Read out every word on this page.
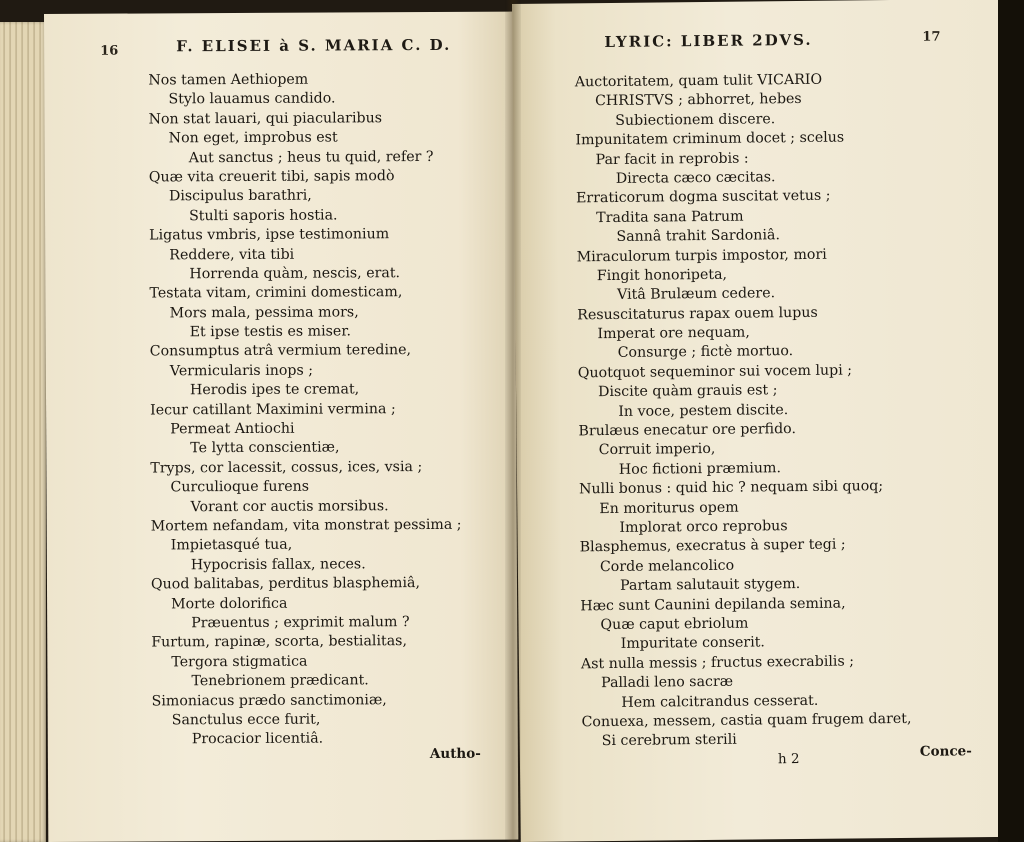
16	F. ELISEI à S. MARIA C. D.
Nos tamen Aethiopem
Stylo lauamus candido.
Non stat lauari, qui piacularibus
Non eget, improbus est
Aut sanctus ; heus tu quid, refer ?
Quæ vita creuerit tibi, sapis modò
Discipulus barathri,
Stulti saporis hostia.
Ligatus vmbris, ipse testimonium
Reddere, vita tibi
Horrenda quàm, nescis, erat.
Testata vitam, crimini domesticam,
Mors mala, pessima mors,
Et ipse testis es miser.
Consumptus atrâ vermium teredine,
Vermicularis inops ;
Herodis ipes te cremat,
Iecur catillant Maximini vermina ;
Permeat Antiochi
Te lytta conscientiæ,
Tryps, cor lacessit, cossus, ices, vsia ;
Curculioque furens
Vorant cor auctis morsibus.
Mortem nefandam, vita monstrat pessima ;
Impietasqué tua,
Hypocrisis fallax, neces.
Quod balitabas, perditus blasphemiâ,
Morte dolorifica
Præuentus ; exprimit malum ?
Furtum, rapinæ, scorta, bestialitas,
Tergora stigmatica
Tenebrionem prædicant.
Simoniacus prædo sanctimoniæ,
Sanctulus ecce furit,
Procacior licentiâ.
Autho-
LYRIC: LIBER 2DVS.	17
Auctoritatem, quam tulit VICARIO
CHRISTVS ; abhorret, hebes
Subiectionem discere.
Impunitatem criminum docet ; scelus
Par facit in reprobis :
Directa cæco cæcitas.
Erraticorum dogma suscitat vetus ;
Tradita sana Patrum
Sannâ trahit Sardoniâ.
Miraculorum turpis impostor, mori
Fingit honoripeta,
Vitâ Brulæum cedere.
Resuscitaturus rapax ouem lupus
Imperat ore nequam,
Consurge ; fictè mortuo.
Quotquot sequeminor sui vocem lupi ;
Discite quàm grauis est ;
In voce, pestem discite.
Brulæus enecatur ore perfido.
Corruit imperio,
Hoc fictioni præmium.
Nulli bonus : quid hic ? nequam sibi quoq;
En moriturus opem
Implorat orco reprobus
Blasphemus, execratus à super tegi ;
Corde melancolico
Partam salutauit stygem.
Hæc sunt Caunini depilanda semina,
Quæ caput ebriolum
Impuritate conserit.
Ast nulla messis ; fructus execrabilis ;
Palladi leno sacræ
Hem calcitrandus cesserat.
Conuexa, messem, castia quam frugem daret,
Si cerebrum sterili
h 2	Conce-
